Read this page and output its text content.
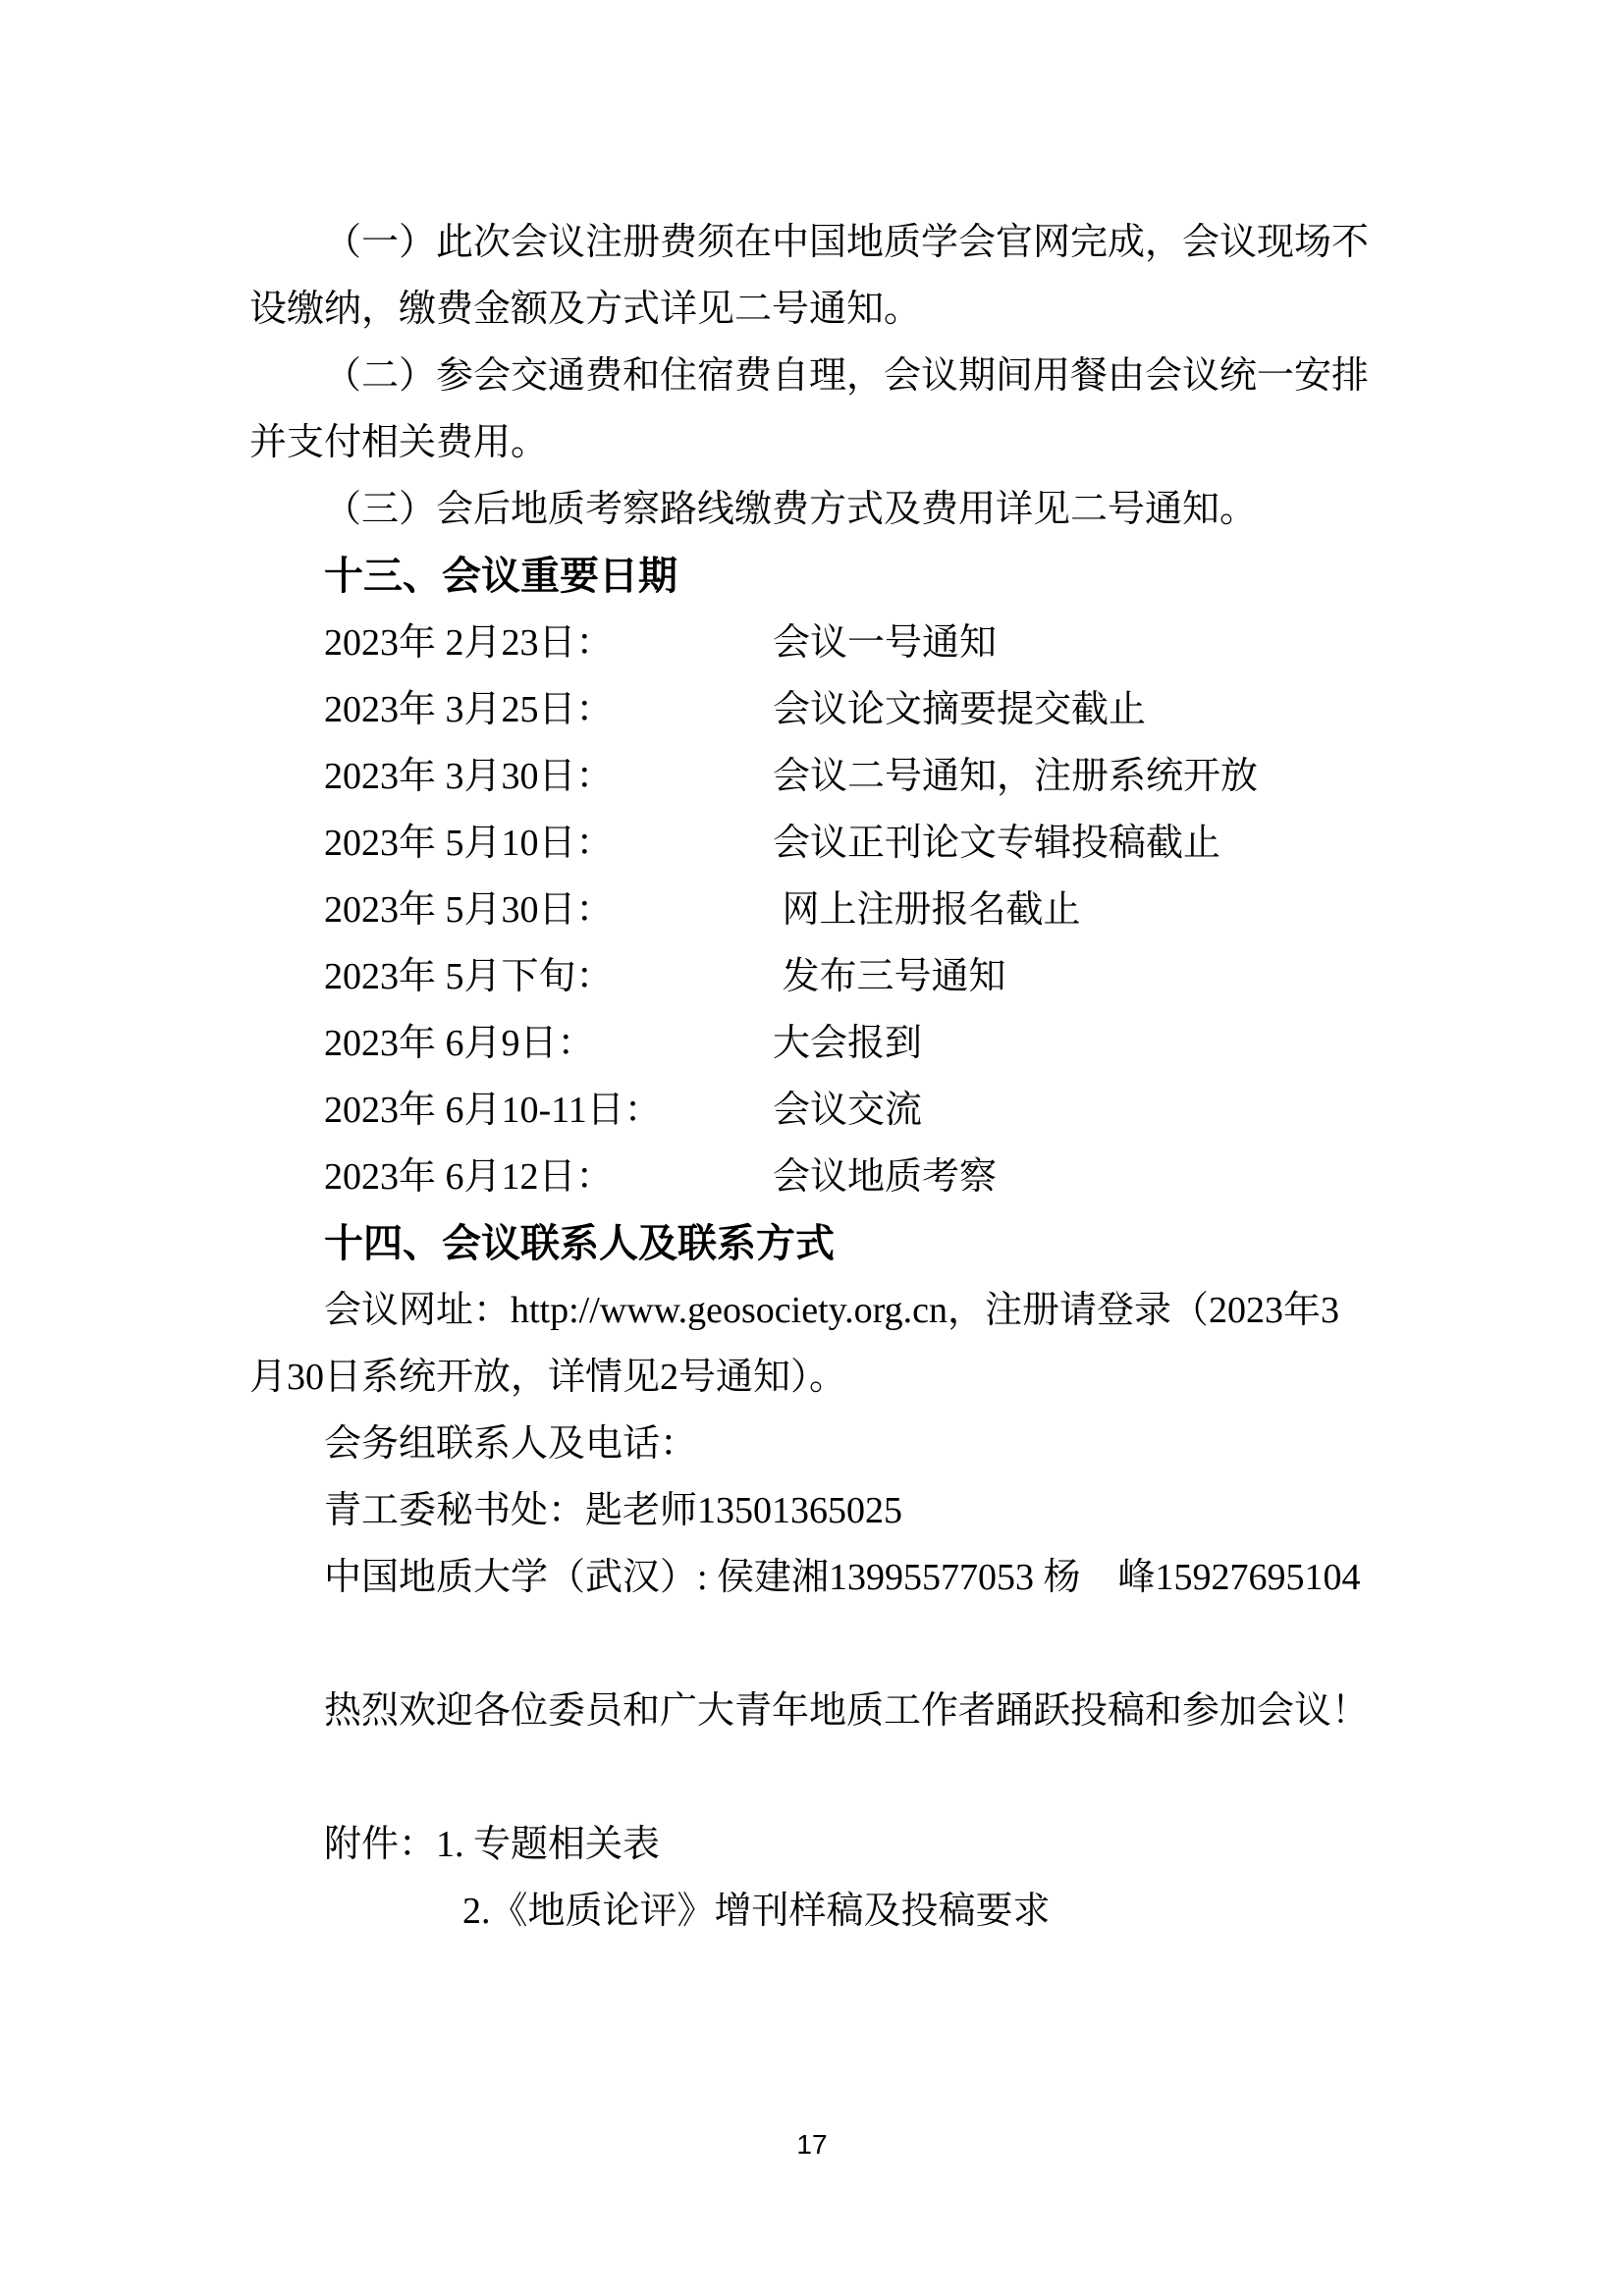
（一）此次会议注册费须在中国地质学会官网完成，会议现场不
设缴纳，缴费金额及方式详见二号通知。
（二）参会交通费和住宿费自理，会议期间用餐由会议统一安排
并支付相关费用。
（三）会后地质考察路线缴费方式及费用详见二号通知。
十三、会议重要日期
2023年 2月23日：	会议一号通知
2023年 3月25日：	会议论文摘要提交截止
2023年 3月30日：	会议二号通知，注册系统开放
2023年 5月10日：	会议正刊论文专辑投稿截止
2023年 5月30日：	网上注册报名截止
2023年 5月下旬：	发布三号通知
2023年 6月9日：	大会报到
2023年 6月10-11日：	会议交流
2023年 6月12日：	会议地质考察
十四、会议联系人及联系方式
会议网址：http://www.geosociety.org.cn，注册请登录（2023年3
月30日系统开放，详情见2号通知）。
会务组联系人及电话：
青工委秘书处：匙老师13501365025
中国地质大学（武汉）: 侯建湘13995577053 杨　峰15927695104
热烈欢迎各位委员和广大青年地质工作者踊跃投稿和参加会议！
附件：1. 专题相关表
2.《地质论评》增刊样稿及投稿要求
17
